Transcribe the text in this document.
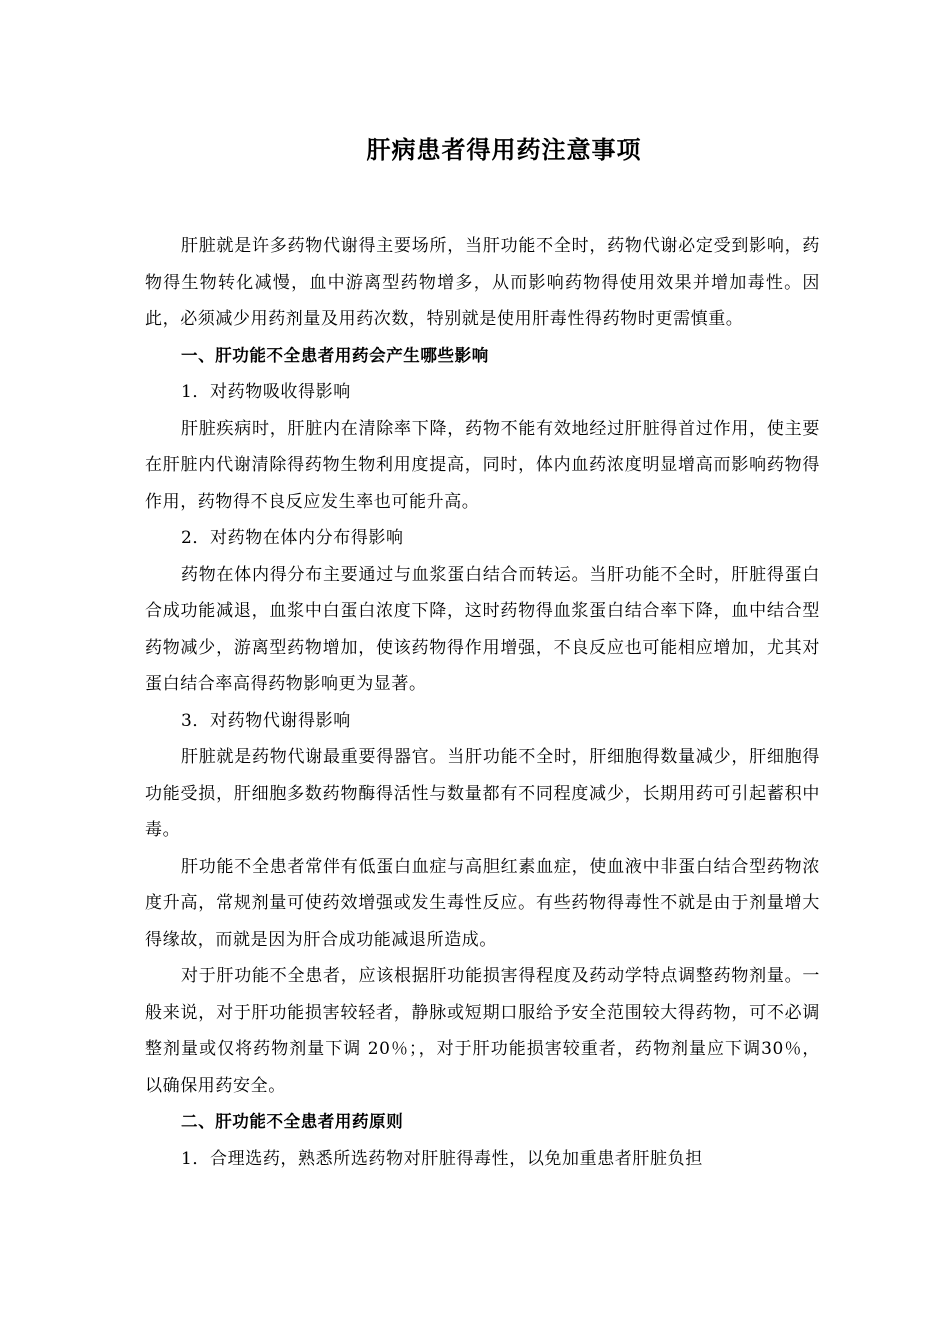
肝病患者得用药注意事项

肝脏就是许多药物代谢得主要场所，当肝功能不全时，药物代谢必定受到影响，药物得生物转化减慢，血中游离型药物增多，从而影响药物得使用效果并增加毒性。因此，必须减少用药剂量及用药次数，特别就是使用肝毒性得药物时更需慎重。

一、肝功能不全患者用药会产生哪些影响

1．对药物吸收得影响

肝脏疾病时，肝脏内在清除率下降，药物不能有效地经过肝脏得首过作用，使主要在肝脏内代谢清除得药物生物利用度提高，同时，体内血药浓度明显增高而影响药物得作用，药物得不良反应发生率也可能升高。

2．对药物在体内分布得影响

药物在体内得分布主要通过与血浆蛋白结合而转运。当肝功能不全时，肝脏得蛋白合成功能减退，血浆中白蛋白浓度下降，这时药物得血浆蛋白结合率下降，血中结合型药物减少，游离型药物增加，使该药物得作用增强，不良反应也可能相应增加，尤其对蛋白结合率高得药物影响更为显著。

3．对药物代谢得影响

肝脏就是药物代谢最重要得器官。当肝功能不全时，肝细胞得数量减少，肝细胞得功能受损，肝细胞多数药物酶得活性与数量都有不同程度减少，长期用药可引起蓄积中毒。

肝功能不全患者常伴有低蛋白血症与高胆红素血症，使血液中非蛋白结合型药物浓度升高，常规剂量可使药效增强或发生毒性反应。有些药物得毒性不就是由于剂量增大得缘故，而就是因为肝合成功能减退所造成。

对于肝功能不全患者，应该根据肝功能损害得程度及药动学特点调整药物剂量。一般来说，对于肝功能损害较轻者，静脉或短期口服给予安全范围较大得药物，可不必调整剂量或仅将药物剂量下调 20％；，对于肝功能损害较重者，药物剂量应下调30％，以确保用药安全。

二、肝功能不全患者用药原则

1．合理选药，熟悉所选药物对肝脏得毒性，以免加重患者肝脏负担
